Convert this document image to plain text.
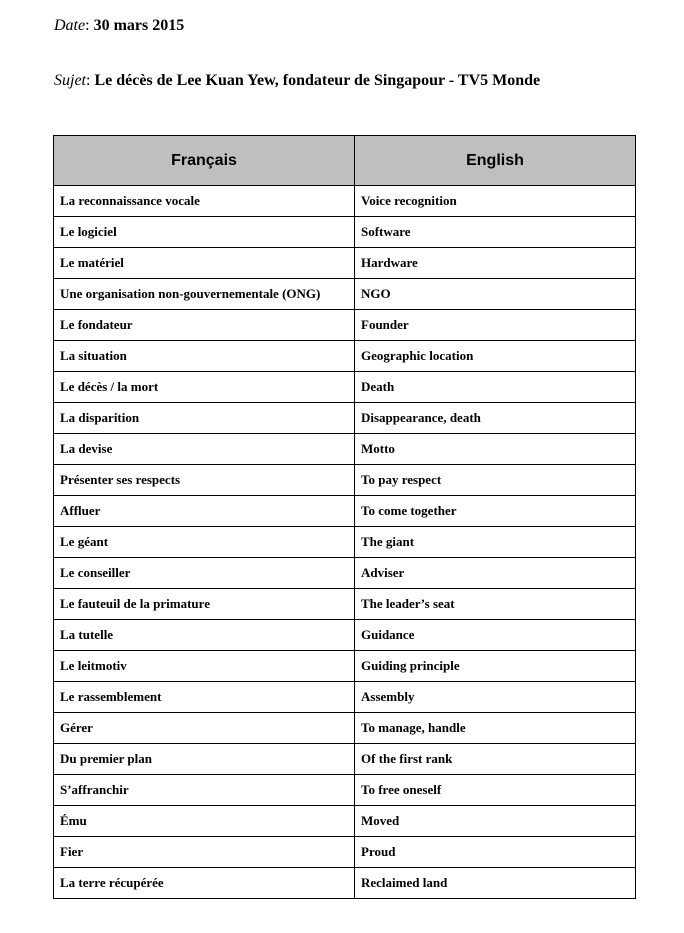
Date: 30 mars 2015
Sujet: Le décès de Lee Kuan Yew, fondateur de Singapour - TV5 Monde
Français	English
La reconnaissance vocale	Voice recognition
Le logiciel	Software
Le matériel	Hardware
Une organisation non-gouvernementale (ONG)	NGO
Le fondateur	Founder
La situation	Geographic location
Le décès / la mort	Death
La disparition	Disappearance, death
La devise	Motto
Présenter ses respects	To pay respect
Affluer	To come together
Le géant	The giant
Le conseiller	Adviser
Le fauteuil de la primature	The leader’s seat
La tutelle	Guidance
Le leitmotiv	Guiding principle
Le rassemblement	Assembly
Gérer	To manage, handle
Du premier plan	Of the first rank
S’affranchir	To free oneself
Ému	Moved
Fier	Proud
La terre récupérée	Reclaimed land
